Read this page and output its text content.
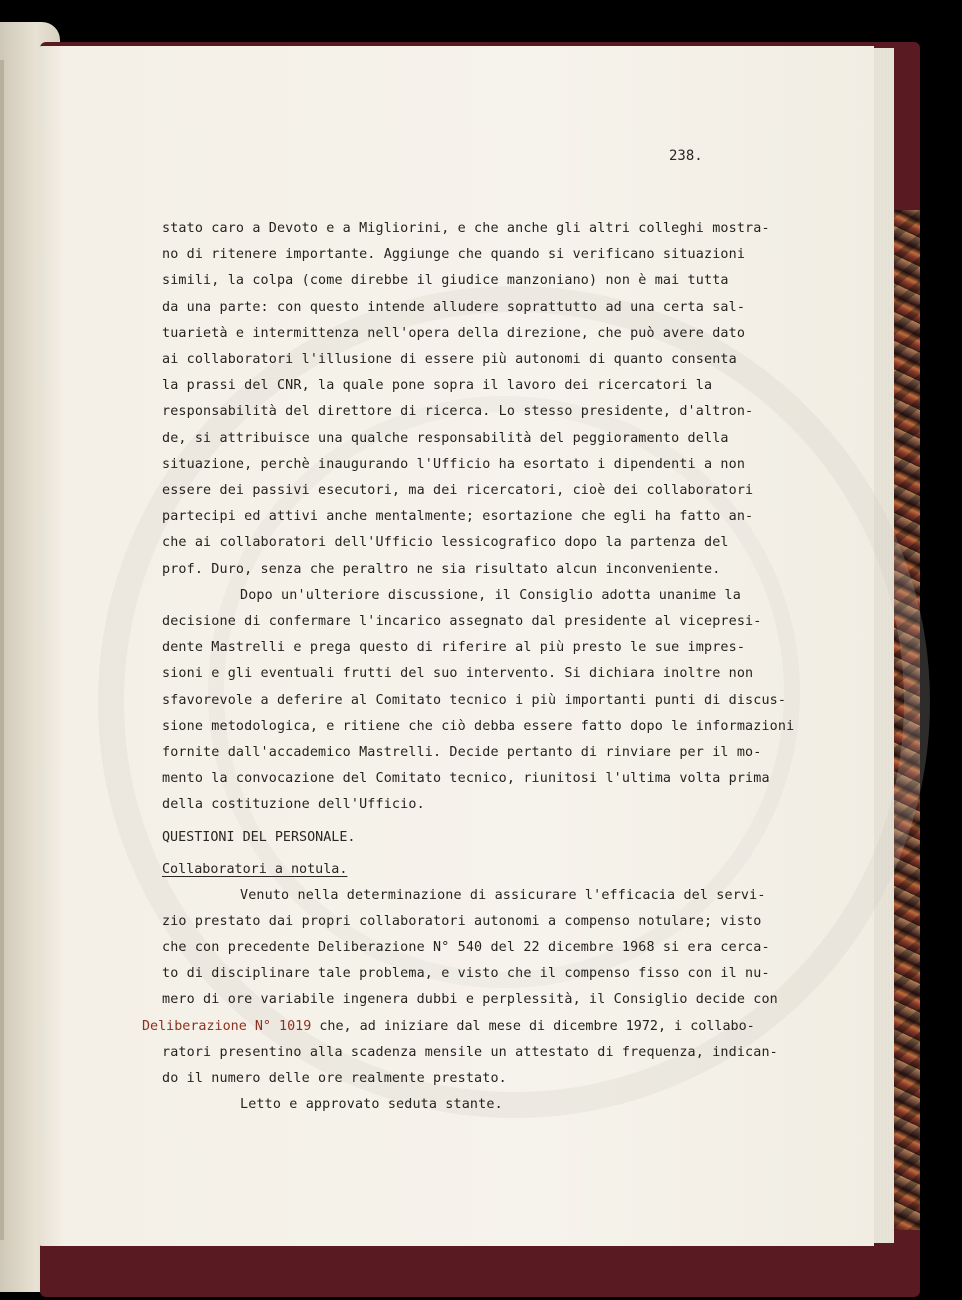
238.
stato caro a Devoto e a Migliorini, e che anche gli altri colleghi mostra-
no di ritenere importante. Aggiunge che quando si verificano situazioni
simili, la colpa (come direbbe il giudice manzoniano) non è mai tutta
da una parte: con questo intende alludere soprattutto ad una certa sal-
tuarietà e intermittenza nell'opera della direzione, che può avere dato
ai collaboratori l'illusione di essere più autonomi di quanto consenta
la prassi del CNR, la quale pone sopra il lavoro dei ricercatori la
responsabilità del direttore di ricerca. Lo stesso presidente, d'altron-
de, si attribuisce una qualche responsabilità del peggioramento della
situazione, perchè inaugurando l'Ufficio ha esortato i dipendenti a non
essere dei passivi esecutori, ma dei ricercatori, cioè dei collaboratori
partecipi ed attivi anche mentalmente; esortazione che egli ha fatto an-
che ai collaboratori dell'Ufficio lessicografico dopo la partenza del
prof. Duro, senza che peraltro ne sia risultato alcun inconveniente.
Dopo un'ulteriore discussione, il Consiglio adotta unanime la
decisione di confermare l'incarico assegnato dal presidente al vicepresi-
dente Mastrelli e prega questo di riferire al più presto le sue impres-
sioni e gli eventuali frutti del suo intervento. Si dichiara inoltre non
sfavorevole a deferire al Comitato tecnico i più importanti punti di discus-
sione metodologica, e ritiene che ciò debba essere fatto dopo le informazioni
fornite dall'accademico Mastrelli. Decide pertanto di rinviare per il mo-
mento la convocazione del Comitato tecnico, riunitosi l'ultima volta prima
della costituzione dell'Ufficio.
QUESTIONI DEL PERSONALE.
Collaboratori a notula.
Venuto nella determinazione di assicurare l'efficacia del servi-
zio prestato dai propri collaboratori autonomi a compenso notulare; visto
che con precedente Deliberazione N° 540 del 22 dicembre 1968 si era cerca-
to di disciplinare tale problema, e visto che il compenso fisso con il nu-
mero di ore variabile ingenera dubbi e perplessità, il Consiglio decide con
ratori presentino alla scadenza mensile un attestato di frequenza, indican-
do il numero delle ore realmente prestato.
Letto e approvato seduta stante.
Deliberazione N° 1019 che, ad iniziare dal mese di dicembre 1972, i collabo-
